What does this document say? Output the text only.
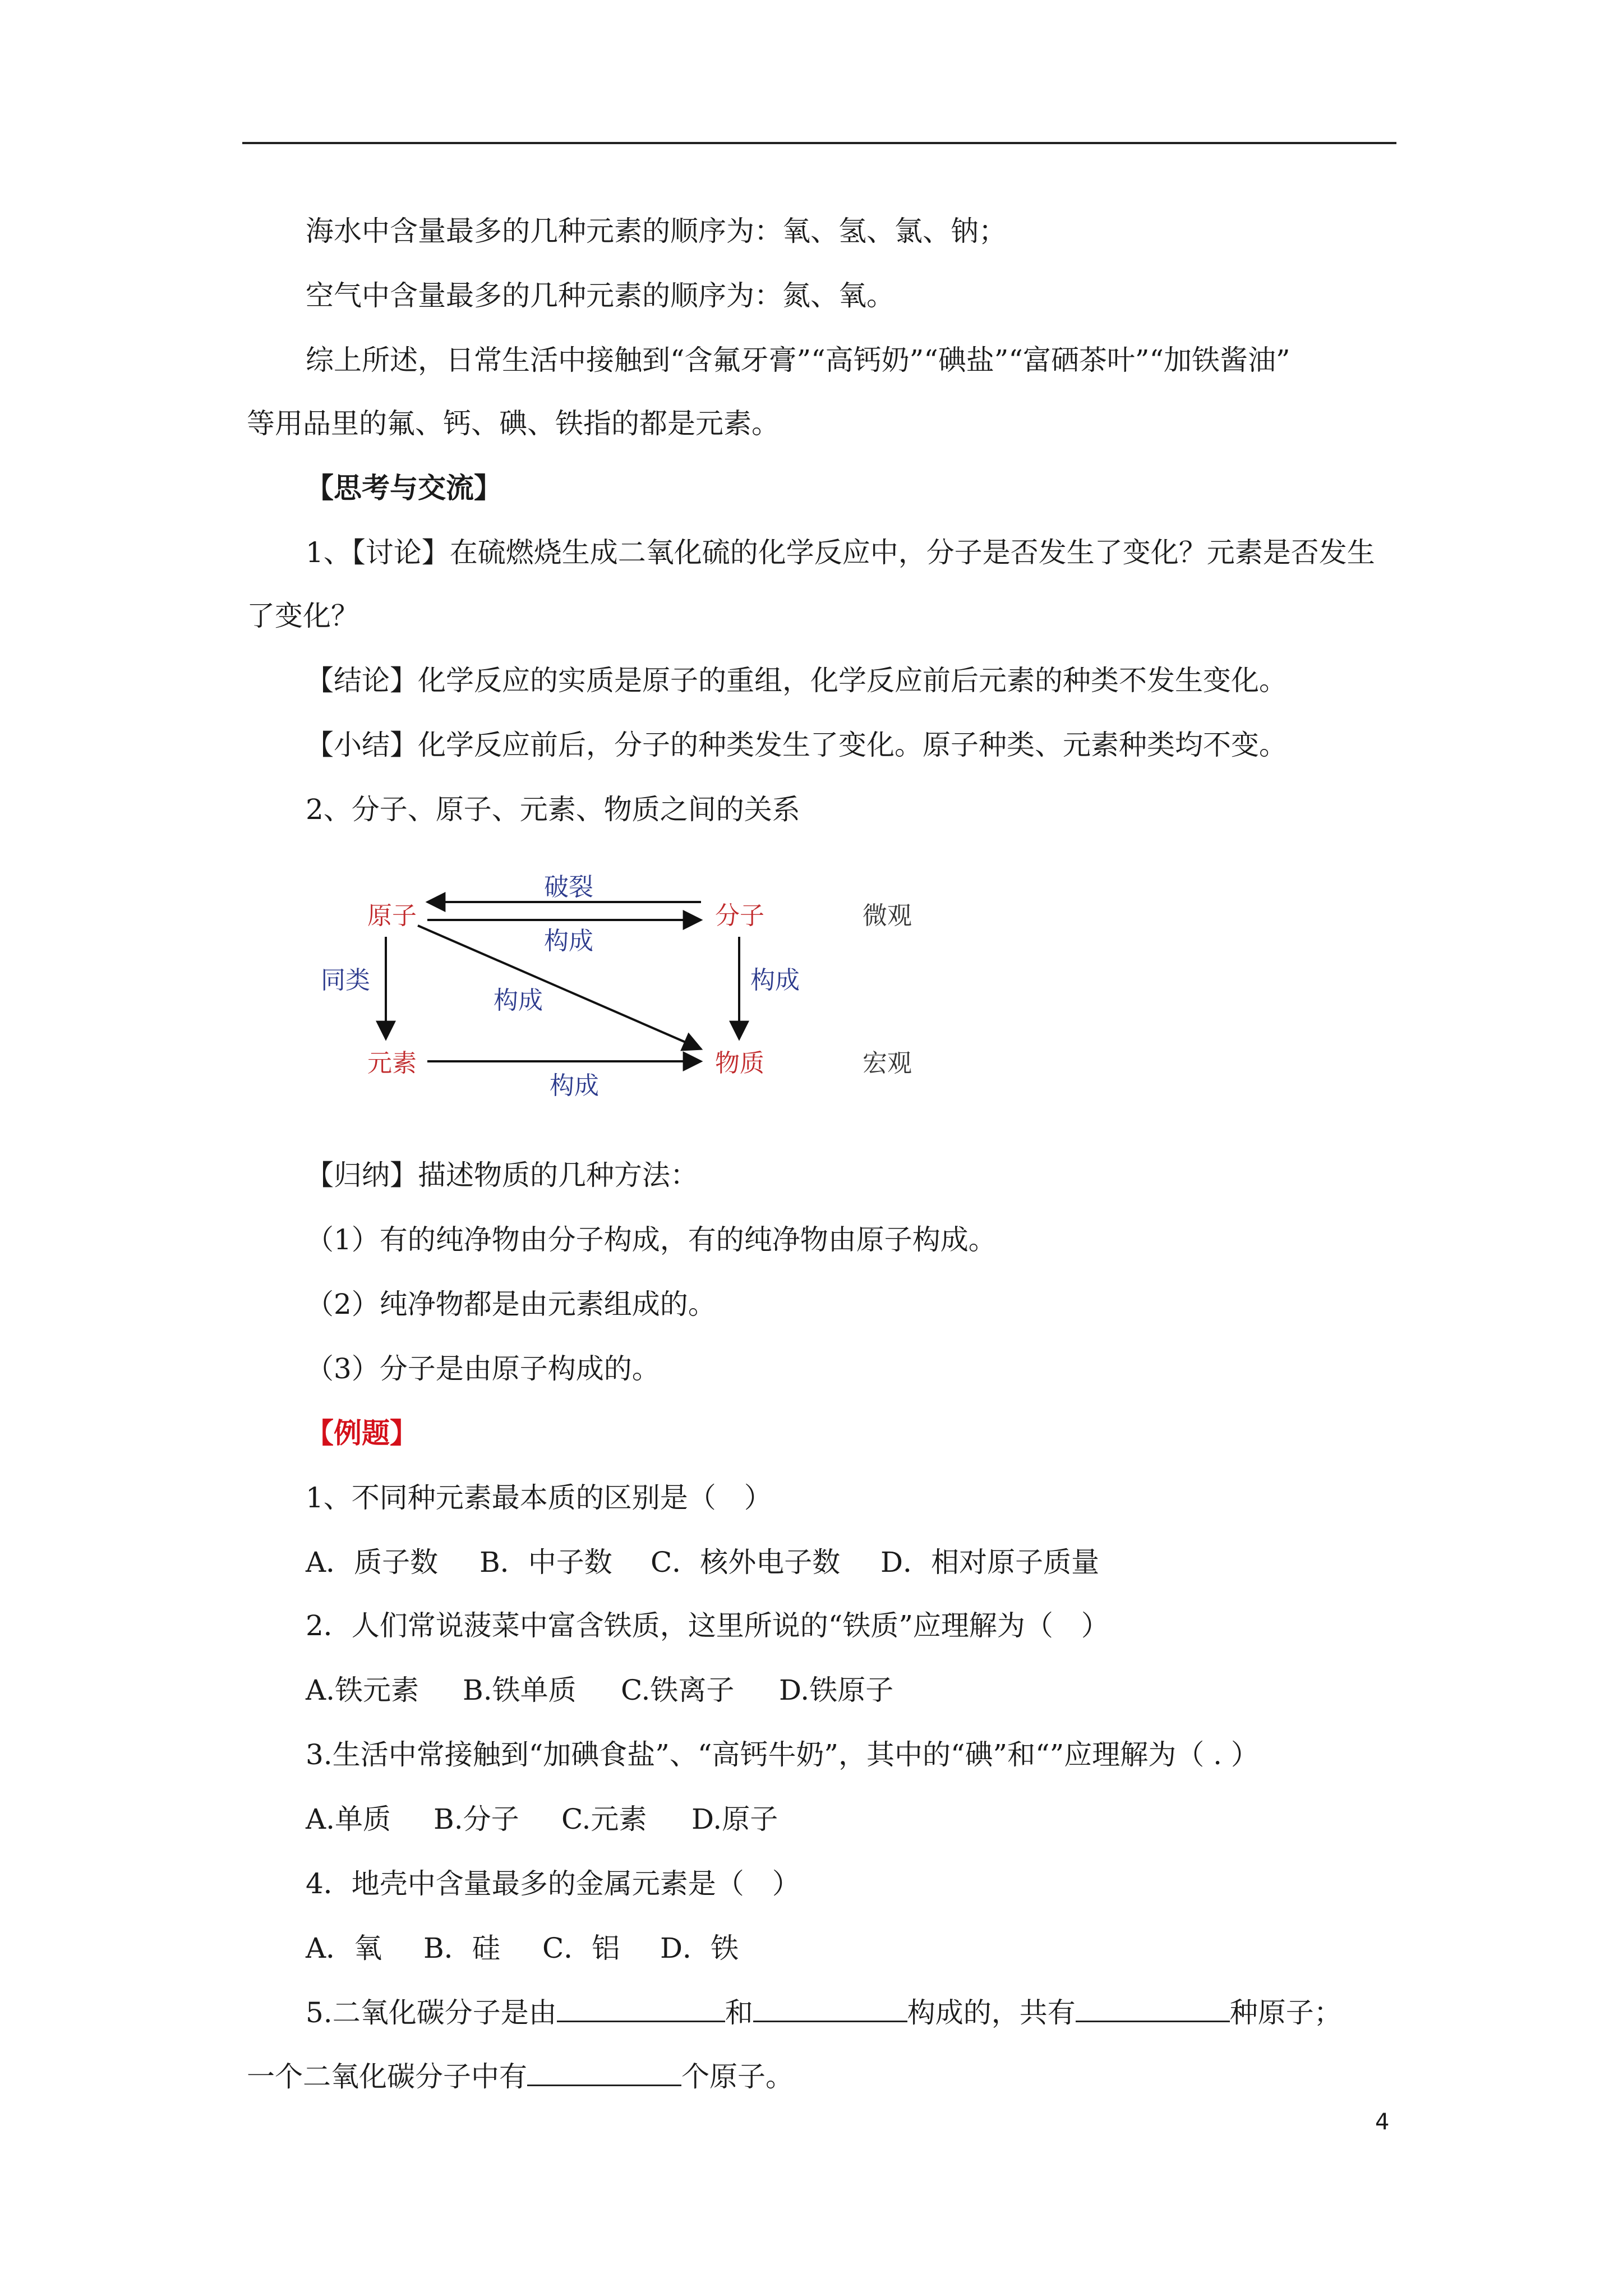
海水中含量最多的几种元素的顺序为：氧、氢、氯、钠；
空气中含量最多的几种元素的顺序为：氮、氧。
综上所述，日常生活中接触到“含氟牙膏”“高钙奶”“碘盐”“富硒茶叶”“加铁酱油”
等用品里的氟、钙、碘、铁指的都是元素。
【思考与交流】
1、【讨论】在硫燃烧生成二氧化硫的化学反应中，分子是否发生了变化？元素是否发生
了变化？
【结论】化学反应的实质是原子的重组，化学反应前后元素的种类不发生变化。
【小结】化学反应前后，分子的种类发生了变化。原子种类、元素种类均不变。
2、分子、原子、元素、物质之间的关系
原子	分子
元素	物质
微观
宏观
破裂
构成
同类	构成
构成
构成
【归纳】描述物质的几种方法：
（1）有的纯净物由分子构成，有的纯净物由原子构成。
（2）纯净物都是由元素组成的。
（3）分子是由原子构成的。
【例题】
1、不同种元素最本质的区别是（　）
A．质子数 B．中子数 C．核外电子数 D．相对原子质量
2．人们常说菠菜中富含铁质，这里所说的“铁质”应理解为（　）
A.铁元素 B.铁单质 C.铁离子 D.铁原子
3.生活中常接触到“加碘食盐”、“高钙牛奶”，其中的“碘”和“”应理解为（ . ）
A.单质 B.分子 C.元素 D.原子
4．地壳中含量最多的金属元素是（　）
A．氧 B．硅 C．铝 D．铁
5.二氧化碳分子是由	和	构成的，共有	种原子；
一个二氧化碳分子中有	个原子。
4
